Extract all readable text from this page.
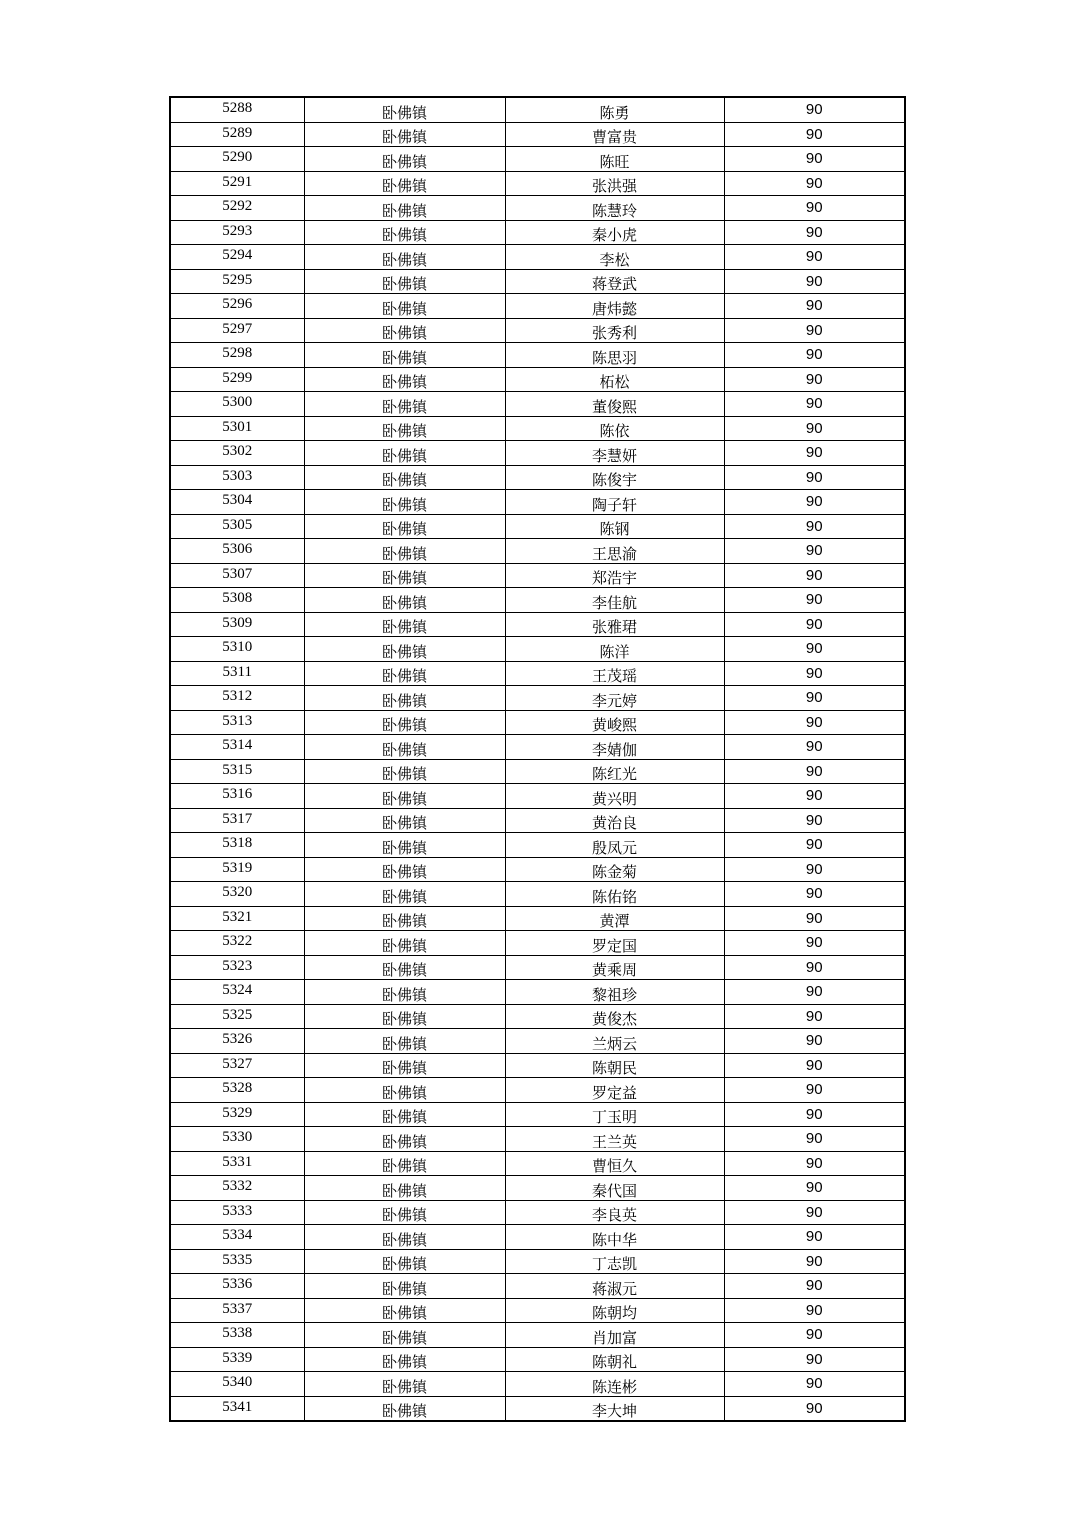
5288	卧佛镇	陈勇	90
5289	卧佛镇	曹富贵	90
5290	卧佛镇	陈旺	90
5291	卧佛镇	张洪强	90
5292	卧佛镇	陈慧玲	90
5293	卧佛镇	秦小虎	90
5294	卧佛镇	李松	90
5295	卧佛镇	蒋登武	90
5296	卧佛镇	唐炜懿	90
5297	卧佛镇	张秀利	90
5298	卧佛镇	陈思羽	90
5299	卧佛镇	柘松	90
5300	卧佛镇	董俊熙	90
5301	卧佛镇	陈依	90
5302	卧佛镇	李慧妍	90
5303	卧佛镇	陈俊宇	90
5304	卧佛镇	陶子轩	90
5305	卧佛镇	陈钢	90
5306	卧佛镇	王思渝	90
5307	卧佛镇	郑浩宇	90
5308	卧佛镇	李佳航	90
5309	卧佛镇	张雅珺	90
5310	卧佛镇	陈洋	90
5311	卧佛镇	王茂瑶	90
5312	卧佛镇	李元婷	90
5313	卧佛镇	黄峻熙	90
5314	卧佛镇	李婧伽	90
5315	卧佛镇	陈红光	90
5316	卧佛镇	黄兴明	90
5317	卧佛镇	黄治良	90
5318	卧佛镇	殷凤元	90
5319	卧佛镇	陈金菊	90
5320	卧佛镇	陈佑铭	90
5321	卧佛镇	黄潭	90
5322	卧佛镇	罗定国	90
5323	卧佛镇	黄乘周	90
5324	卧佛镇	黎祖珍	90
5325	卧佛镇	黄俊杰	90
5326	卧佛镇	兰炳云	90
5327	卧佛镇	陈朝民	90
5328	卧佛镇	罗定益	90
5329	卧佛镇	丁玉明	90
5330	卧佛镇	王兰英	90
5331	卧佛镇	曹恒久	90
5332	卧佛镇	秦代国	90
5333	卧佛镇	李良英	90
5334	卧佛镇	陈中华	90
5335	卧佛镇	丁志凯	90
5336	卧佛镇	蒋淑元	90
5337	卧佛镇	陈朝均	90
5338	卧佛镇	肖加富	90
5339	卧佛镇	陈朝礼	90
5340	卧佛镇	陈连彬	90
5341	卧佛镇	李大坤	90
